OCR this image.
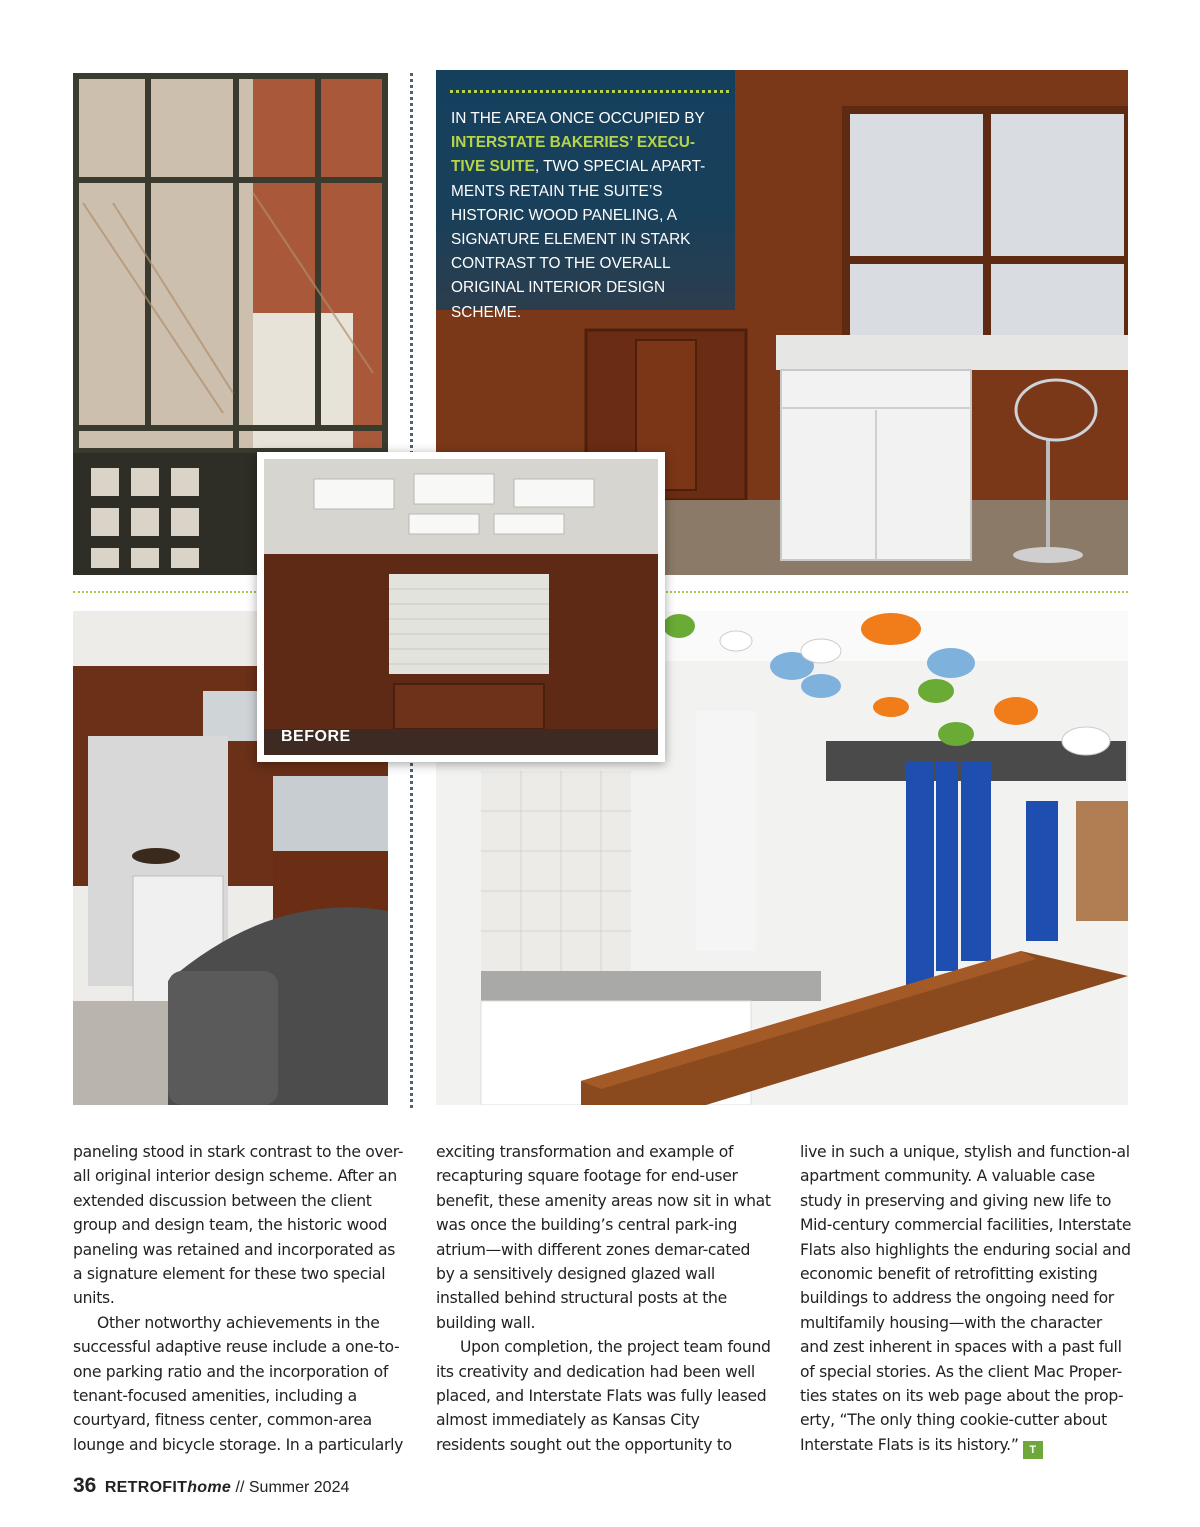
IN THE AREA ONCE OCCUPIED BY INTERSTATE BAKERIES’ EXECU-TIVE SUITE, TWO SPECIAL APART-MENTS RETAIN THE SUITE’S HISTORIC WOOD PANELING, A SIGNATURE ELEMENT IN STARK CONTRAST TO THE OVERALL ORIGINAL INTERIOR DESIGN SCHEME.
BEFORE

paneling stood in stark contrast to the over-all original interior design scheme. After an extended discussion between the client group and design team, the historic wood paneling was retained and incorporated as a signature element for these two special units.

Other notworthy achievements in the successful adaptive reuse include a one-to-one parking ratio and the incorporation of tenant-focused amenities, including a courtyard, fitness center, common-area lounge and bicycle storage. In a particularly

exciting transformation and example of recapturing square footage for end-user benefit, these amenity areas now sit in what was once the building’s central park-ing atrium—with different zones demar-cated by a sensitively designed glazed wall installed behind structural posts at the building wall.

Upon completion, the project team found its creativity and dedication had been well placed, and Interstate Flats was fully leased almost immediately as Kansas City residents sought out the opportunity to

live in such a unique, stylish and function-al apartment community. A valuable case study in preserving and giving new life to Mid-century commercial facilities, Interstate Flats also highlights the enduring social and economic benefit of retrofitting existing buildings to address the ongoing need for multifamily housing—with the character and zest inherent in spaces with a past full of special stories. As the client Mac Proper-ties states on its web page about the prop-erty, “The only thing cookie-cutter about Interstate Flats is its history.” T

36 RETROFIThome // Summer 2024
